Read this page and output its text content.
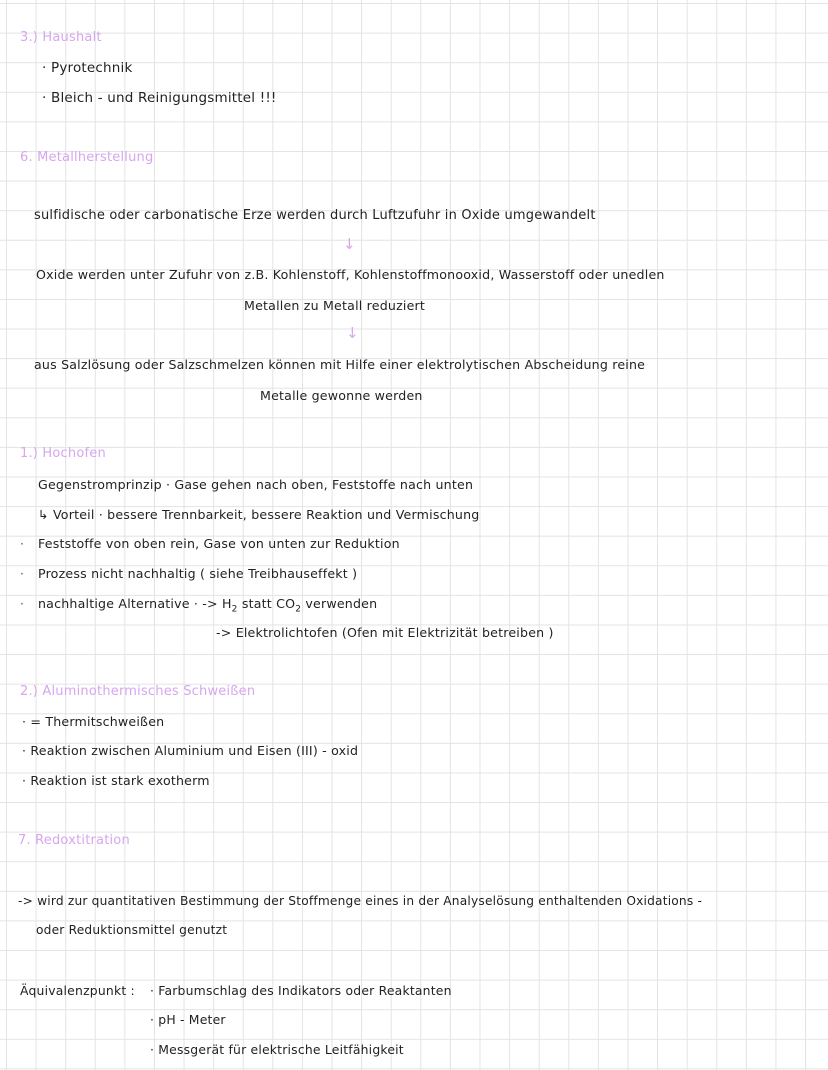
3.) Haushalt
· Pyrotechnik
· Bleich - und Reinigungsmittel !!!
6. Metallherstellung
sulfidische oder carbonatische Erze werden durch Luftzufuhr in Oxide umgewandelt
↓
Oxide werden unter Zufuhr von z.B. Kohlenstoff, Kohlenstoffmonooxid, Wasserstoff oder unedlen
Metallen zu Metall reduziert
↓
aus Salzlösung oder Salzschmelzen können mit Hilfe einer elektrolytischen Abscheidung reine
Metalle gewonne werden
1.) Hochofen
Gegenstromprinzip · Gase gehen nach oben, Feststoffe nach unten
↳ Vorteil · bessere Trennbarkeit, bessere Reaktion und Vermischung
· Feststoffe von oben rein, Gase von unten zur Reduktion
· Prozess nicht nachhaltig ( siehe Treibhauseffekt )
· nachhaltige Alternative · -> $H_2$ statt $CO_2$ verwenden
-> Elektrolichtofen (Ofen mit Elektrizität betreiben )
2.) Aluminothermisches Schweißen
· = Thermitschweißen
· Reaktion zwischen Aluminium und Eisen (III) - oxid
· Reaktion ist stark exotherm
7. Redoxtitration
-> wird zur quantitativen Bestimmung der Stoffmenge eines in der Analyselösung enthaltenden Oxidations -
oder Reduktionsmittel genutzt
Äquivalenzpunkt : · Farbumschlag des Indikators oder Reaktanten
· pH - Meter
· Messgerät für elektrische Leitfähigkeit
